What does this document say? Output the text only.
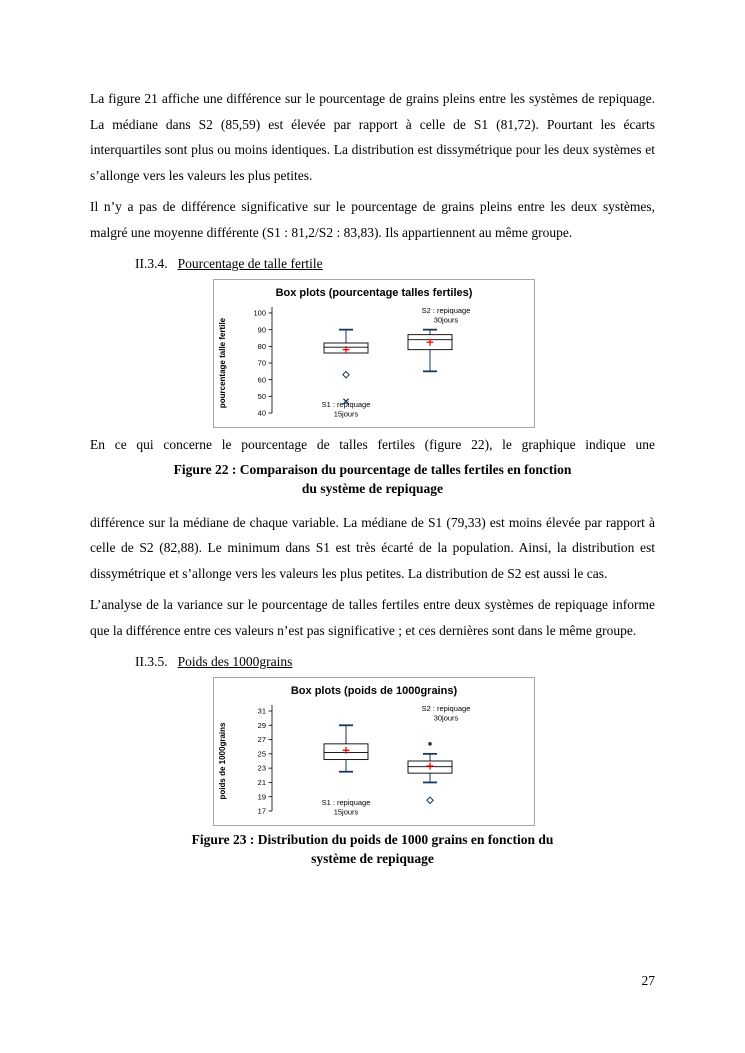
La figure 21 affiche une différence sur le pourcentage de grains pleins entre les systèmes de repiquage. La médiane dans S2 (85,59) est élevée par rapport à celle de S1 (81,72). Pourtant les écarts interquartiles sont plus ou moins identiques. La distribution est dissymétrique pour les deux systèmes et s’allonge vers les valeurs les plus petites.

Il n’y a pas de différence significative sur le pourcentage de grains pleins entre les deux systèmes, malgré une moyenne différente (S1 : 81,2/S2 : 83,83). Ils appartiennent au même groupe.

II.3.4. Pourcentage de talle fertile
Box plots (pourcentage talles fertiles)
40
50
60
70
80
90
100
pourcentage talle fertile	S1 : repiquage
15jours
S2 : repiquage
30jours

En ce qui concerne le pourcentage de talles fertiles (figure 22), le graphique indique une

Figure 22 : Comparaison du pourcentage de talles fertiles en fonction
du système de repiquage

différence sur la médiane de chaque variable. La médiane de S1 (79,33) est moins élevée par rapport à celle de S2 (82,88). Le minimum dans S1 est très écarté de la population. Ainsi, la distribution est dissymétrique et s’allonge vers les valeurs les plus petites. La distribution de S2 est aussi le cas.

L’analyse de la variance sur le pourcentage de talles fertiles entre deux systèmes de repiquage informe que la différence entre ces valeurs n’est pas significative ; et ces dernières sont dans le même groupe.

II.3.5. Poids des 1000grains
Box plots (poids de 1000grains)
17
19
21
23
25
27
29
31
poids de 1000grains
S1 : repiquage
15jours
S2 : repiquage
30jours
Figure 23 : Distribution du poids de 1000 grains en fonction du
système de repiquage
27
